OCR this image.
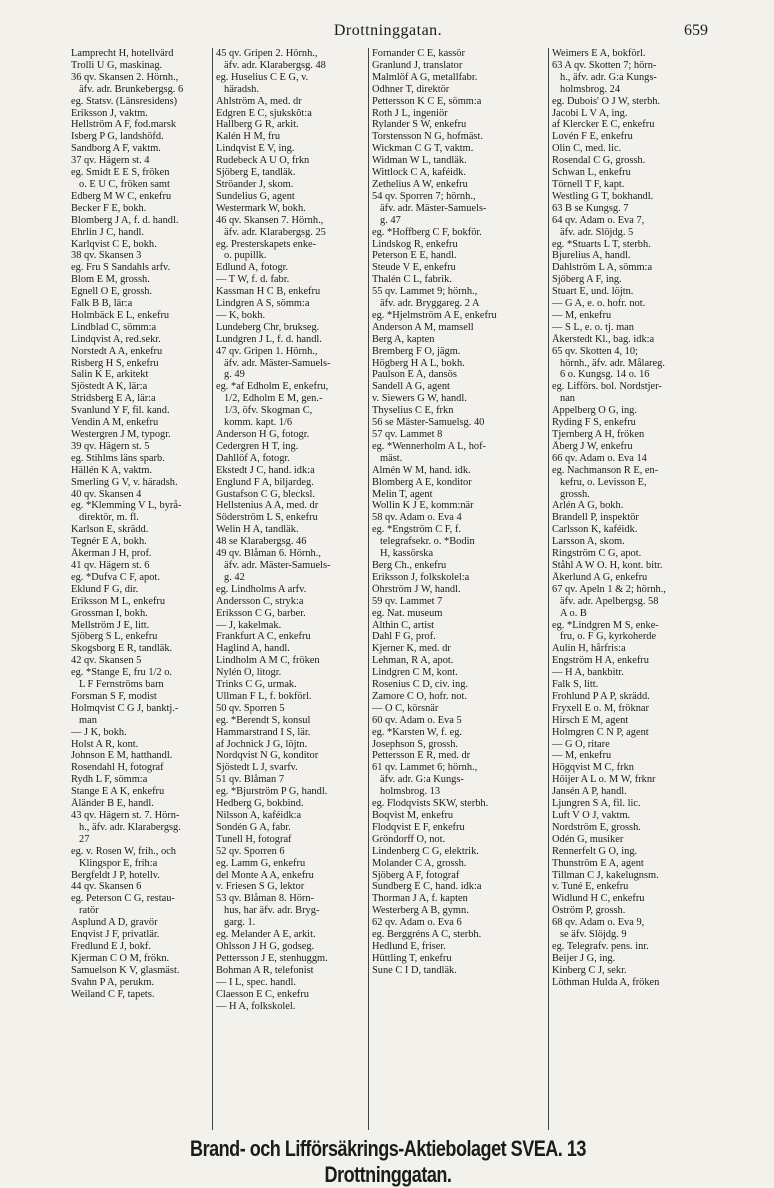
Drottninggatan.	659
Lamprecht H, hotellvärd
Trolli U G, maskinag.
36 qv. Skansen 2. Hörnh.,
äfv. adr. Brunkebergsg. 6
eg. Statsv. (Länsresidens)
Eriksson J, vaktm.
Hellström A F, fod.marsk
Isberg P G, landshöfd.
Sandborg A F, vaktm.
37 qv. Hägern st. 4
eg. Smidt E E S, fröken
o. E U C, fröken samt
Edberg M W C, enkefru
Becker F E, bokh.
Blomberg J A, f. d. handl.
Ehrlin J C, handl.
Karlqvist C E, bokh.
38 qv. Skansen 3
eg. Fru S Sandahls arfv.
Blom E M, grossh.
Egnell O E, grossh.
Falk B B, lär:a
Holmbäck E L, enkefru
Lindblad C, sömm:a
Lindqvist A, red.sekr.
Norstedt A A, enkefru
Risberg H S, enkefru
Salin K E, arkitekt
Sjöstedt A K, lär:a
Stridsberg E A, lär:a
Svanlund Y F, fil. kand.
Vendin A M, enkefru
Westergren J M, typogr.
39 qv. Hägern st. 5
eg. Stihlms läns sparb.
Hällén K A, vaktm.
Smerling G V, v. häradsh.
40 qv. Skansen 4
eg. *Klemming V L, byrå-
direktör, m. fl.
Karlson E, skrädd.
Tegnér E A, bokh.
Åkerman J H, prof.
41 qv. Hägern st. 6
eg. *Dufva C F, apot.
Eklund F G, dir.
Eriksson M L, enkefru
Grossman I, bokh.
Mellström J E, litt.
Sjöberg S L, enkefru
Skogsborg E R, tandläk.
42 qv. Skansen 5
eg. *Stange E, fru 1/2 o.
L F Fernströms barn
Forsman S F, modist
Holmqvist C G J, banktj.-
man
— J K, bokh.
Holst A R, kont.
Johnson E M, hatthandl.
Rosendahl H, fotograf
Rydh L F, sömm:a
Stange E A K, enkefru
Åländer B E, handl.
43 qv. Hägern st. 7. Hörn-
h., äfv. adr. Klarabergsg.
27
eg. v. Rosen W, frih., och
Klingspor E, frih:a
Bergfeldt J P, hotellv.
44 qv. Skansen 6
eg. Peterson C G, restau-
ratör
Asplund A D, gravör
Enqvist J F, privatlär.
Fredlund E J, bokf.
Kjerman C O M, frökn.
Samuelson K V, glasmäst.
Svahn P A, perukm.
Weiland C F, tapets.
45 qv. Gripen 2. Hörnh.,
äfv. adr. Klarabergsg. 48
eg. Huselius C E G, v.
häradsh.
Ahlström A, med. dr
Edgren E C, sjukskôt:a
Hallberg G R, arkit.
Kalén H M, fru
Lindqvist E V, ing.
Rudebeck A U O, frkn
Sjöberg E, tandläk.
Ströander J, skom.
Sundelius G, agent
Westermark W, bokh.
46 qv. Skansen 7. Hörnh.,
äfv. adr. Klarabergsg. 25
eg. Presterskapets enke-
o. pupillk.
Edlund A, fotogr.
— T W, f. d. fabr.
Kassman H C B, enkefru
Lindgren A S, sömm:a
— K, bokh.
Lundeberg Chr, brukseg.
Lundgren J L, f. d. handl.
47 qv. Gripen 1. Hörnh.,
äfv. adr. Mäster-Samuels-
g. 49
eg. *af Edholm E, enkefru,
1/2, Edholm E M, gen.-
1/3, öfv. Skogman C,
komm. kapt. 1/6
Anderson H G, fotogr.
Cedergren H T, ing.
Dahllöf A, fotogr.
Ekstedt J C, hand. idk:a
Englund F A, biljardeg.
Gustafson C G, blecksl.
Hellstenius A A, med. dr
Söderström L S, enkefru
Welin H A, tandläk.
48 se Klarabergsg. 46
49 qv. Blåman 6. Hörnh.,
äfv. adr. Mäster-Samuels-
g. 42
eg. Lindholms A arfv.
Andersson C, stryk:a
Eriksson C G, barber.
— J, kakelmak.
Frankfurt A C, enkefru
Haglind A, handl.
Lindholm A M C, fröken
Nylén O, litogr.
Trinks C G, urmak.
Ullman F L, f. bokförl.
50 qv. Sporren 5
eg. *Berendt S, konsul
Hammarstrand I S, lär.
af Jochnick J G, löjtn.
Nordqvist N G, konditor
Sjöstedt L J, svarfv.
51 qv. Blåman 7
eg. *Bjurström P G, handl.
Hedberg G, bokbind.
Nilsson A, kaféidk:a
Sondén G A, fabr.
Tunell H, fotograf
52 qv. Sporren 6
eg. Lamm G, enkefru
del Monte A A, enkefru
v. Friesen S G, lektor
53 qv. Blåman 8. Hörn-
hus, har äfv. adr. Bryg-
garg. 1.
eg. Melander A E, arkit.
Ohlsson J H G, godseg.
Pettersson J E, stenhuggm.
Bohman A R, telefonist
— I L, spec. handl.
Claesson E C, enkefru
— H A, folkskolel.
Fornander C E, kassör
Granlund J, translator
Malmlöf A G, metallfabr.
Odhner T, direktör
Pettersson K C E, sömm:a
Roth J L, ingeniör
Rylander S W, enkefru
Torstensson N G, hofmäst.
Wickman C G T, vaktm.
Widman W L, tandläk.
Wittlock C A, kaféidk.
Zethelius A W, enkefru
54 qv. Sporren 7; hörnh.,
äfv. adr. Mäster-Samuels-
g. 47
eg. *Hoffberg C F, bokför.
Lindskog R, enkefru
Peterson E E, handl.
Steude V E, enkefru
Thalén C L, fabrik.
55 qv. Lammet 9; hörnh.,
äfv. adr. Bryggareg. 2 A
eg. *Hjelmström A E, enkefru
Anderson A M, mamsell
Berg A, kapten
Bremberg F O, jägm.
Högberg H A L, bokh.
Paulson E A, dansös
Sandell A G, agent
v. Siewers G W, handl.
Thyselius C E, frkn
56 se Mäster-Samuelsg. 40
57 qv. Lammet 8
eg. *Wennerholm A L, hof-
mäst.
Almén W M, hand. idk.
Blomberg A E, konditor
Melin T, agent
Wollin K J E, komm:när
58 qv. Adam o. Eva 4
eg. *Engström C F, f.
telegrafsekr. o. *Bodin
H, kassörska
Berg Ch., enkefru
Eriksson J, folkskolel:a
Öhrström J W, handl.
59 qv. Lammet 7
eg. Nat. museum
Althin C, artist
Dahl F G, prof.
Kjerner K, med. dr
Lehman, R A, apot.
Lindgren C M, kont.
Rosenius C D, civ. ing.
Zamore C O, hofr. not.
— O C, körsnär
60 qv. Adam o. Eva 5
eg. *Karsten W, f. eg.
Josephson S, grossh.
Pettersson E R, med. dr
61 qv. Lammet 6; hörnh.,
äfv. adr. G:a Kungs-
holmsbrog. 13
eg. Flodqvists SKW, sterbh.
Boqvist M, enkefru
Flodqvist E F, enkefru
Gröndorff O, not.
Lindenberg C G, elektrik.
Molander C A, grossh.
Sjöberg A F, fotograf
Sundberg E C, hand. idk:a
Thorman J A, f. kapten
Westerberg A B, gymn.
62 qv. Adam o. Eva 6
eg. Berggréns A C, sterbh.
Hedlund E, friser.
Hüttling T, enkefru
Sune C I D, tandläk.
Weimers E A, bokförl.
63 A qv. Skotten 7; hörn-
h., äfv. adr. G:a Kungs-
holmsbrog. 24
eg. Dubois' O J W, sterbh.
Jacobi L V A, ing.
af Klercker E C, enkefru
Lovén F E, enkefru
Olin C, med. lic.
Rosendal C G, grossh.
Schwan L, enkefru
Törnell T F, kapt.
Westling G T, bokhandl.
63 B se Kungsg. 7
64 qv. Adam o. Eva 7,
äfv. adr. Slöjdg. 5
eg. *Stuarts L T, sterbh.
Bjurelius A, handl.
Dahlström L A, sömm:a
Sjöberg A F, ing.
Stuart E, und. löjtn.
— G A, e. o. hofr. not.
— M, enkefru
— S L, e. o. tj. man
Åkerstedt Kl., bag. idk:a
65 qv. Skotten 4, 10;
hörnh., äfv. adr. Målareg.
6 o. Kungsg. 14 o. 16
eg. Lifförs. bol. Nordstjer-
nan
Appelberg O G, ing.
Ryding F S, enkefru
Tjernberg A H, fröken
Åberg J W, enkefru
66 qv. Adam o. Eva 14
eg. Nachmanson R E, en-
kefru, o. Levisson E,
grossh.
Arlén A G, bokh.
Brandell P, inspektör
Carlsson K, kaféidk.
Larsson A, skom.
Ringström C G, apot.
Ståhl A W O. H, kont. bitr.
Åkerlund A G, enkefru
67 qv. Apeln 1 & 2; hörnh.,
äfv. adr. Apelbergsg. 58
A o. B
eg. *Lindgren M S, enke-
fru, o. F G, kyrkoherde
Aulin H, hårfris:a
Engström H A, enkefru
— H A, bankbitr.
Falk S, litt.
Frohlund P A P, skrädd.
Fryxell E o. M, fröknar
Hirsch E M, agent
Holmgren C N P, agent
— G O, ritare
— M, enkefru
Högqvist M C, frkn
Höijer A L o. M W, frknr
Jansén A P, handl.
Ljungren S A, fil. lic.
Luft V O J, vaktm.
Nordström E, grossh.
Odén G, musiker
Rennerfelt G O, ing.
Thunström E A, agent
Tillman C J, kakelugnsm.
v. Tuné E, enkefru
Widlund H C, enkefru
Öström P, grossh.
68 qv. Adam o. Eva 9,
se äfv. Slöjdg. 9
eg. Telegrafv. pens. inr.
Beijer J G, ing.
Kinberg C J, sekr.
Löthman Hulda A, fröken
Brand- och Lifförsäkrings-Aktiebolaget SVEA. 13 Drottninggatan.
